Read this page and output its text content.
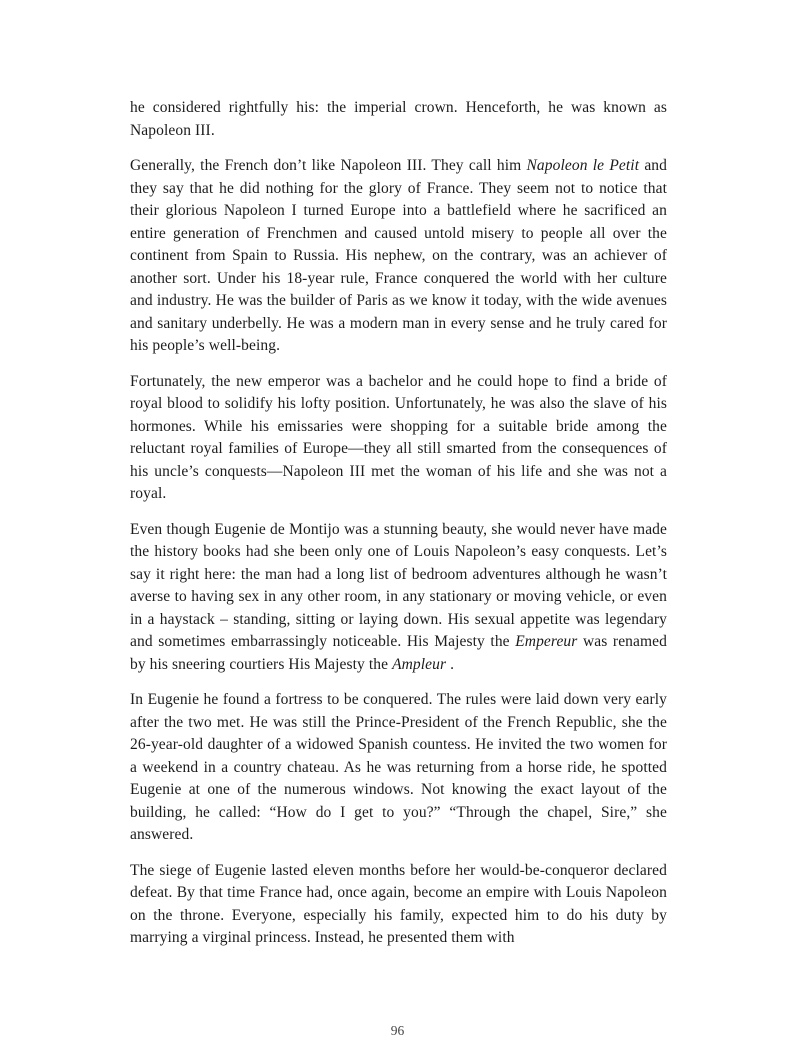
he considered rightfully his: the imperial crown. Henceforth, he was known as Napoleon III.

Generally, the French don’t like Napoleon III. They call him Napoleon le Petit and they say that he did nothing for the glory of France. They seem not to notice that their glorious Napoleon I turned Europe into a battlefield where he sacrificed an entire generation of Frenchmen and caused untold misery to people all over the continent from Spain to Russia. His nephew, on the contrary, was an achiever of another sort. Under his 18-year rule, France conquered the world with her culture and industry. He was the builder of Paris as we know it today, with the wide avenues and sanitary underbelly. He was a modern man in every sense and he truly cared for his people’s well-being.

Fortunately, the new emperor was a bachelor and he could hope to find a bride of royal blood to solidify his lofty position. Unfortunately, he was also the slave of his hormones. While his emissaries were shopping for a suitable bride among the reluctant royal families of Europe—they all still smarted from the consequences of his uncle’s conquests—Napoleon III met the woman of his life and she was not a royal.

Even though Eugenie de Montijo was a stunning beauty, she would never have made the history books had she been only one of Louis Napoleon’s easy conquests. Let’s say it right here: the man had a long list of bedroom adventures although he wasn’t averse to having sex in any other room, in any stationary or moving vehicle, or even in a haystack – standing, sitting or laying down. His sexual appetite was legendary and sometimes embarrassingly noticeable. His Majesty the Empereur was renamed by his sneering courtiers His Majesty the Ampleur .

In Eugenie he found a fortress to be conquered. The rules were laid down very early after the two met. He was still the Prince-President of the French Republic, she the 26-year-old daughter of a widowed Spanish countess. He invited the two women for a weekend in a country chateau. As he was returning from a horse ride, he spotted Eugenie at one of the numerous windows. Not knowing the exact layout of the building, he called: “How do I get to you?” “Through the chapel, Sire,” she answered.

The siege of Eugenie lasted eleven months before her would-be-conqueror declared defeat. By that time France had, once again, become an empire with Louis Napoleon on the throne. Everyone, especially his family, expected him to do his duty by marrying a virginal princess. Instead, he presented them with

96
